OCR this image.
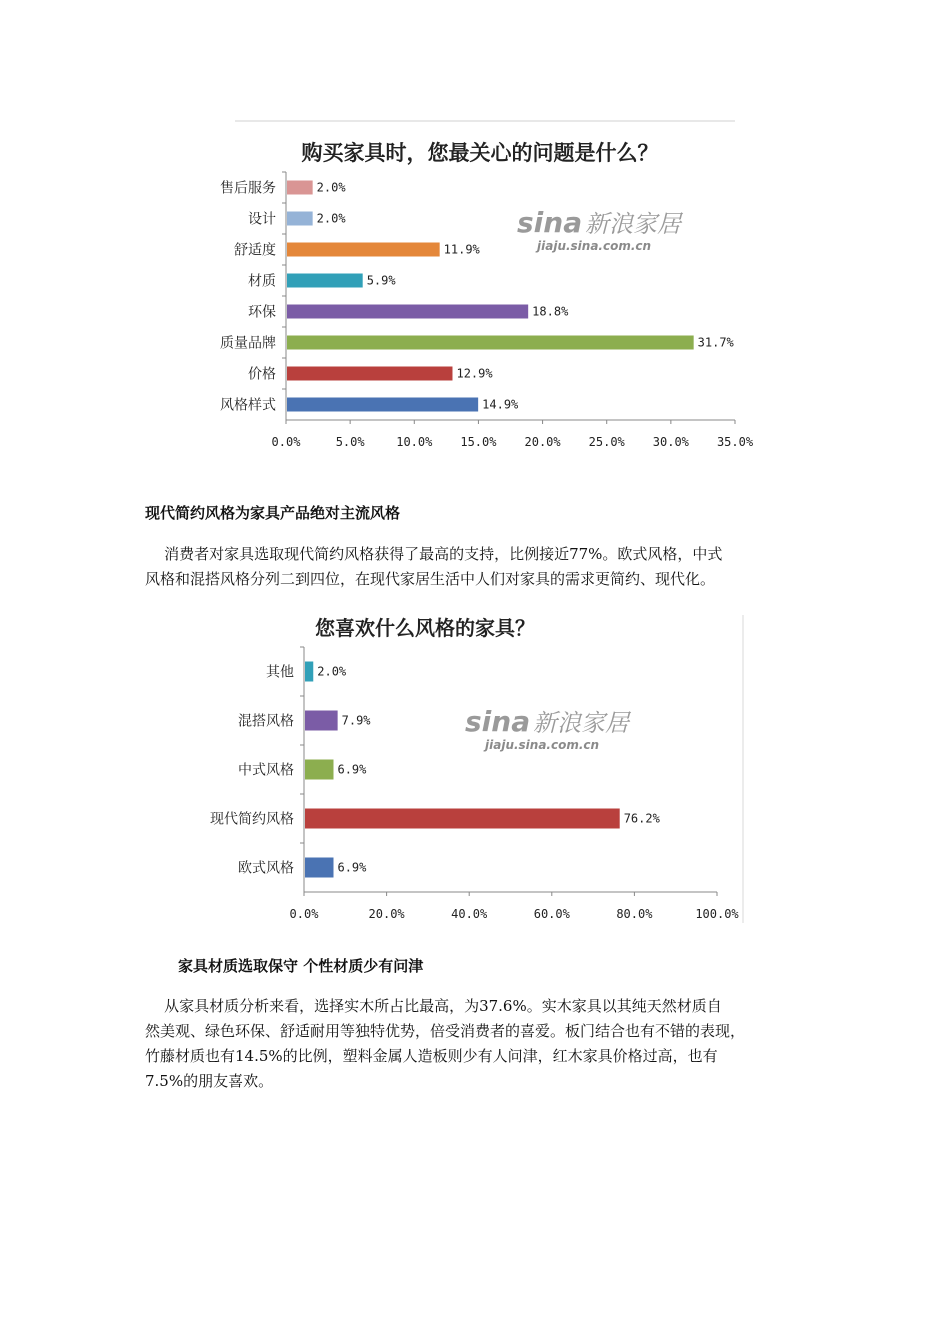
购买家具时，您最关心的问题是什么？
sina 新浪家居
jiaju.sina.com.cn
售后服务
设计
舒适度
材质
环保
质量品牌
价格
风格样式
2.0%
2.0%
11.9%
5.9%
18.8%
31.7%
12.9%
14.9%
0.0%	5.0%	10.0% 15.0% 20.0% 25.0% 30.0% 35.0%
现代简约风格为家具产品绝对主流风格
消费者对家具选取现代简约风格获得了最高的支持，比例接近77%。欧式风格，中式
风格和混搭风格分列二到四位，在现代家居生活中人们对家具的需求更简约、现代化。
您喜欢什么风格的家具？
sina 新浪家居
jiaju.sina.com.cn
其他
混搭风格
中式风格
现代简约风格
欧式风格
2.0%
7.9%
6.9%
76.2%
6.9%
0.0%	20.0%	40.0%	60.0%	80.0%	100.0%
家具材质选取保守 个性材质少有问津
从家具材质分析来看，选择实木所占比最高，为37.6%。实木家具以其纯天然材质自
然美观、绿色环保、舒适耐用等独特优势，倍受消费者的喜爱。板门结合也有不错的表现，
竹藤材质也有14.5%的比例，塑料金属人造板则少有人问津，红木家具价格过高，也有
7.5%的朋友喜欢。
